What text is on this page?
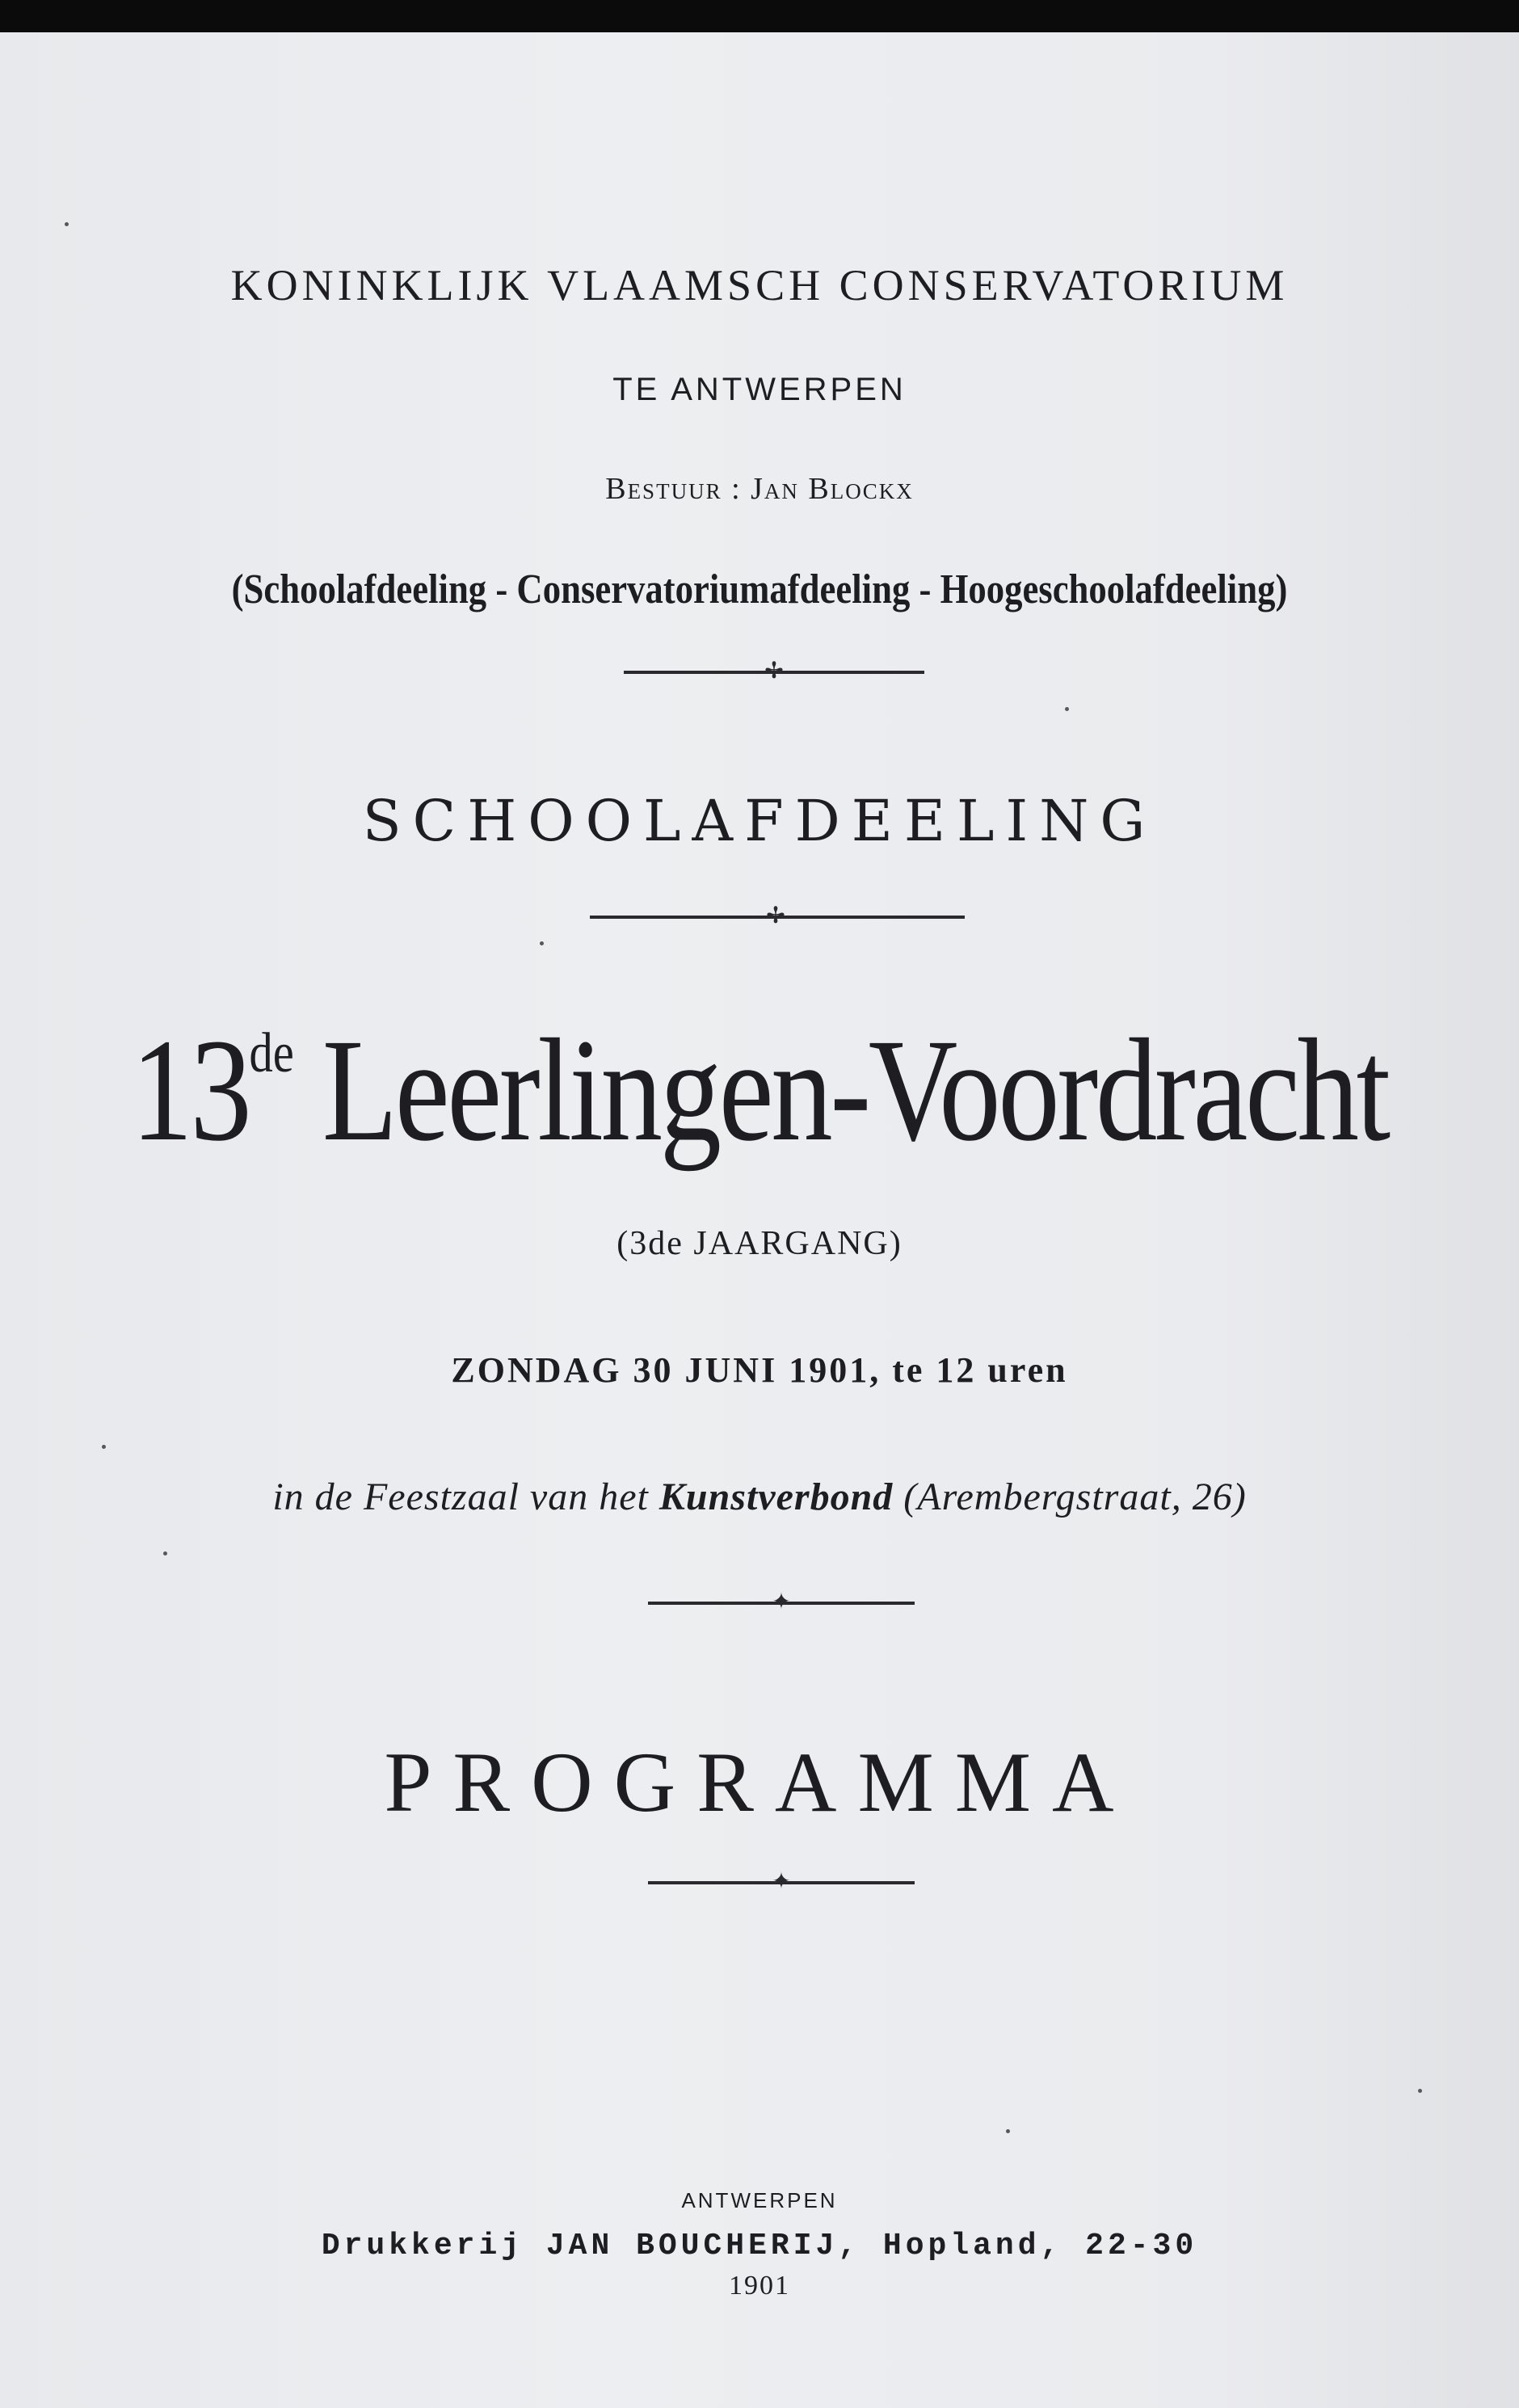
KONINKLIJK VLAAMSCH CONSERVATORIUM
TE ANTWERPEN
Bestuur : Jan Blockx
(Schoolafdeeling - Conservatoriumafdeeling - Hoogeschoolafdeeling)
✢
SCHOOLAFDEELING
✢
13de Leerlingen-Voordracht
(3de JAARGANG)
ZONDAG 30 JUNI 1901, te 12 uren
in de Feestzaal van het Kunstverbond (Arembergstraat, 26)
✦
PROGRAMMA
✦
ANTWERPEN
Drukkerij JAN BOUCHERIJ, Hopland, 22-30
1901
